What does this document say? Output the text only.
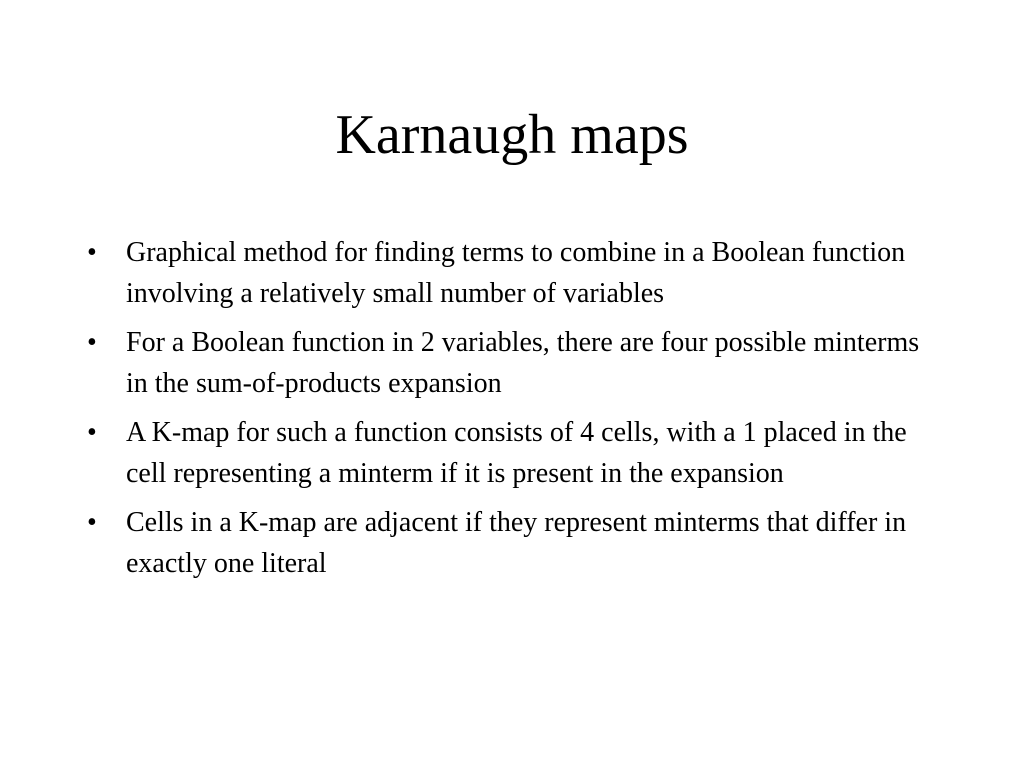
Karnaugh maps
• Graphical method for finding terms to combine in a Boolean function involving a relatively small number of variables
• For a Boolean function in 2 variables, there are four possible minterms in the sum-of-products expansion
• A K-map for such a function consists of 4 cells, with a 1 placed in the cell representing a minterm if it is present in the expansion
• Cells in a K-map are adjacent if they represent minterms that differ in exactly one literal
